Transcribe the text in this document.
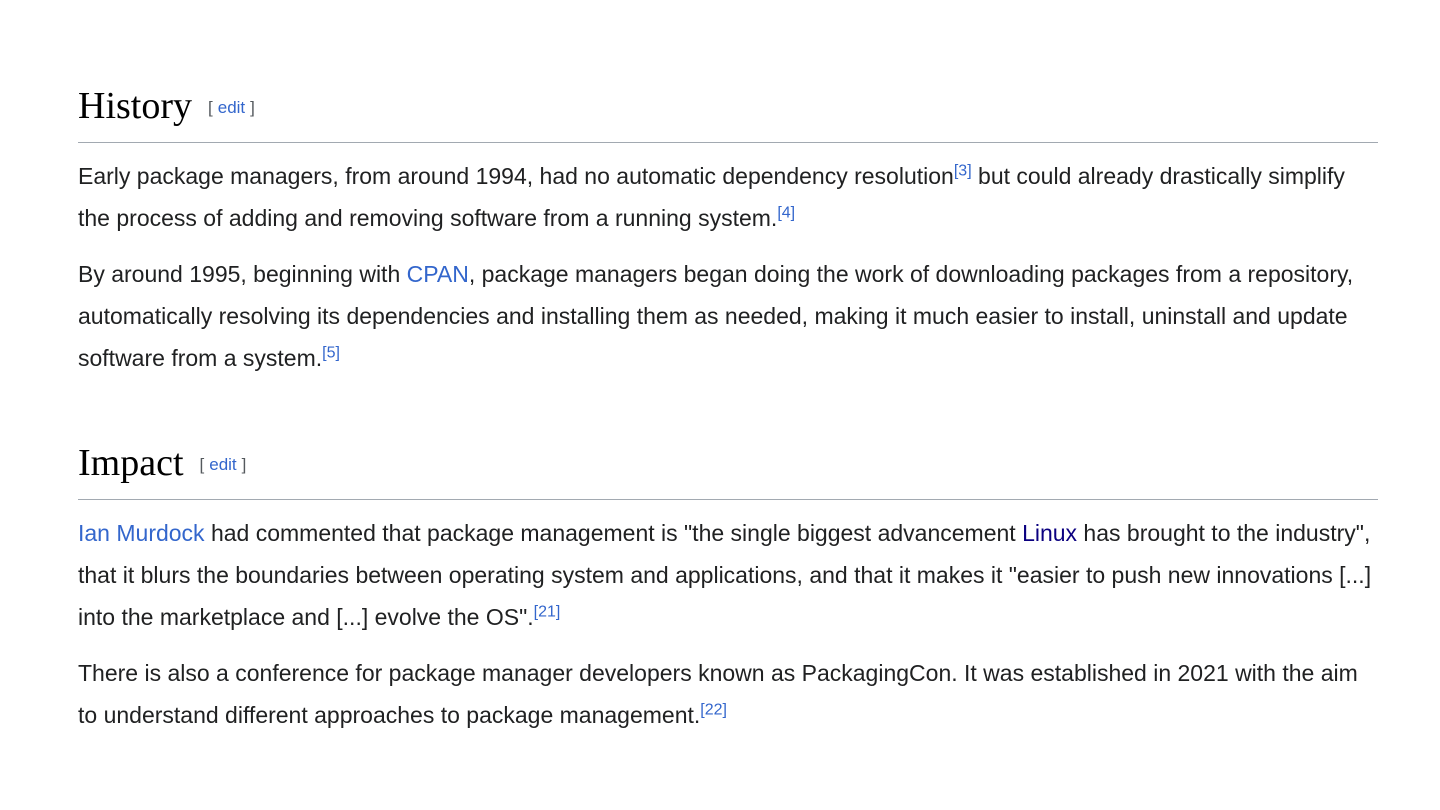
History [ edit ]

Early package managers, from around 1994, had no automatic dependency resolution[3] but could already drastically simplify the process of adding and removing software from a running system.[4]

By around 1995, beginning with CPAN, package managers began doing the work of downloading packages from a repository, automatically resolving its dependencies and installing them as needed, making it much easier to install, uninstall and update software from a system.[5]

Impact [ edit ]

Ian Murdock had commented that package management is "the single biggest advancement Linux has brought to the industry", that it blurs the boundaries between operating system and applications, and that it makes it "easier to push new innovations [...] into the marketplace and [...] evolve the OS".[21]

There is also a conference for package manager developers known as PackagingCon. It was established in 2021 with the aim to understand different approaches to package management.[22]
